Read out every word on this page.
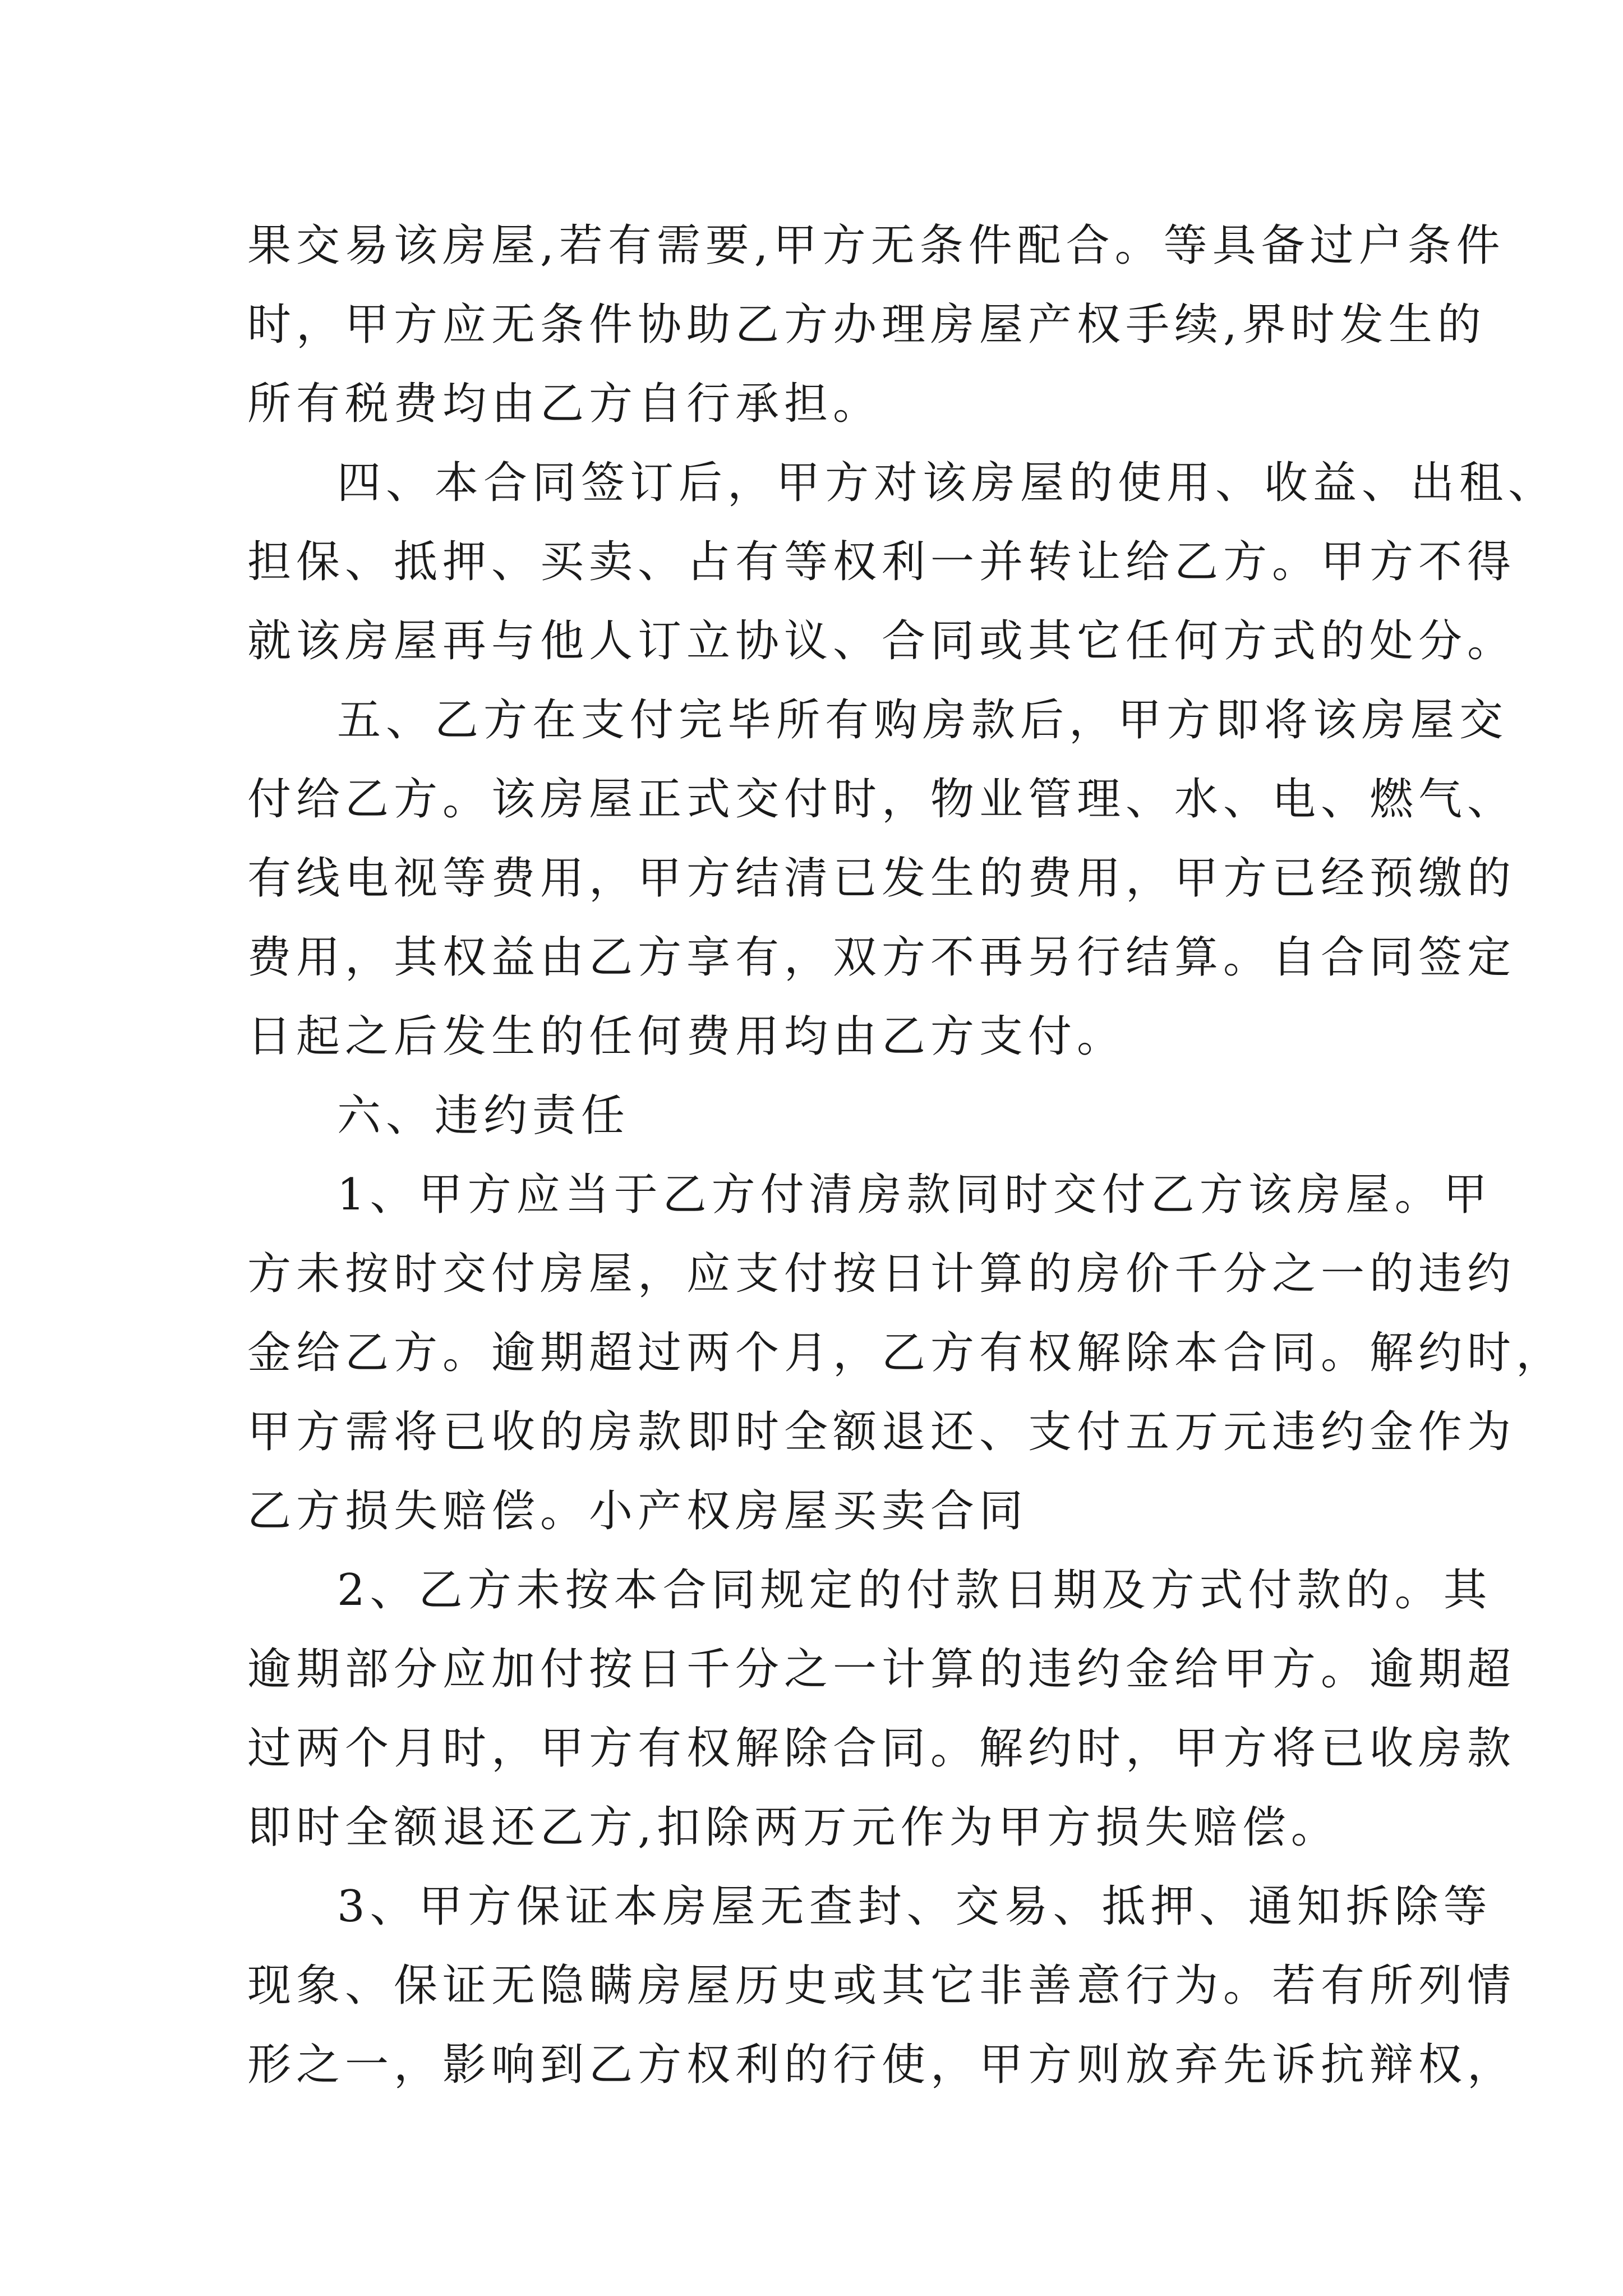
果交易该房屋,若有需要,甲方无条件配合。等具备过户条件
时，甲方应无条件协助乙方办理房屋产权手续,界时发生的
所有税费均由乙方自行承担。
四、本合同签订后，甲方对该房屋的使用、收益、出租、
担保、抵押、买卖、占有等权利一并转让给乙方。甲方不得
就该房屋再与他人订立协议、合同或其它任何方式的处分。
五、乙方在支付完毕所有购房款后，甲方即将该房屋交
付给乙方。该房屋正式交付时，物业管理、水、电、燃气、
有线电视等费用，甲方结清已发生的费用，甲方已经预缴的
费用，其权益由乙方享有，双方不再另行结算。自合同签定
日起之后发生的任何费用均由乙方支付。
六、违约责任
1、甲方应当于乙方付清房款同时交付乙方该房屋。甲
方未按时交付房屋，应支付按日计算的房价千分之一的违约
金给乙方。逾期超过两个月，乙方有权解除本合同。解约时，
甲方需将已收的房款即时全额退还、支付五万元违约金作为
乙方损失赔偿。小产权房屋买卖合同
2、乙方未按本合同规定的付款日期及方式付款的。其
逾期部分应加付按日千分之一计算的违约金给甲方。逾期超
过两个月时，甲方有权解除合同。解约时，甲方将已收房款
即时全额退还乙方,扣除两万元作为甲方损失赔偿。
3、甲方保证本房屋无查封、交易、抵押、通知拆除等
现象、保证无隐瞒房屋历史或其它非善意行为。若有所列情
形之一，影响到乙方权利的行使，甲方则放弃先诉抗辩权，
